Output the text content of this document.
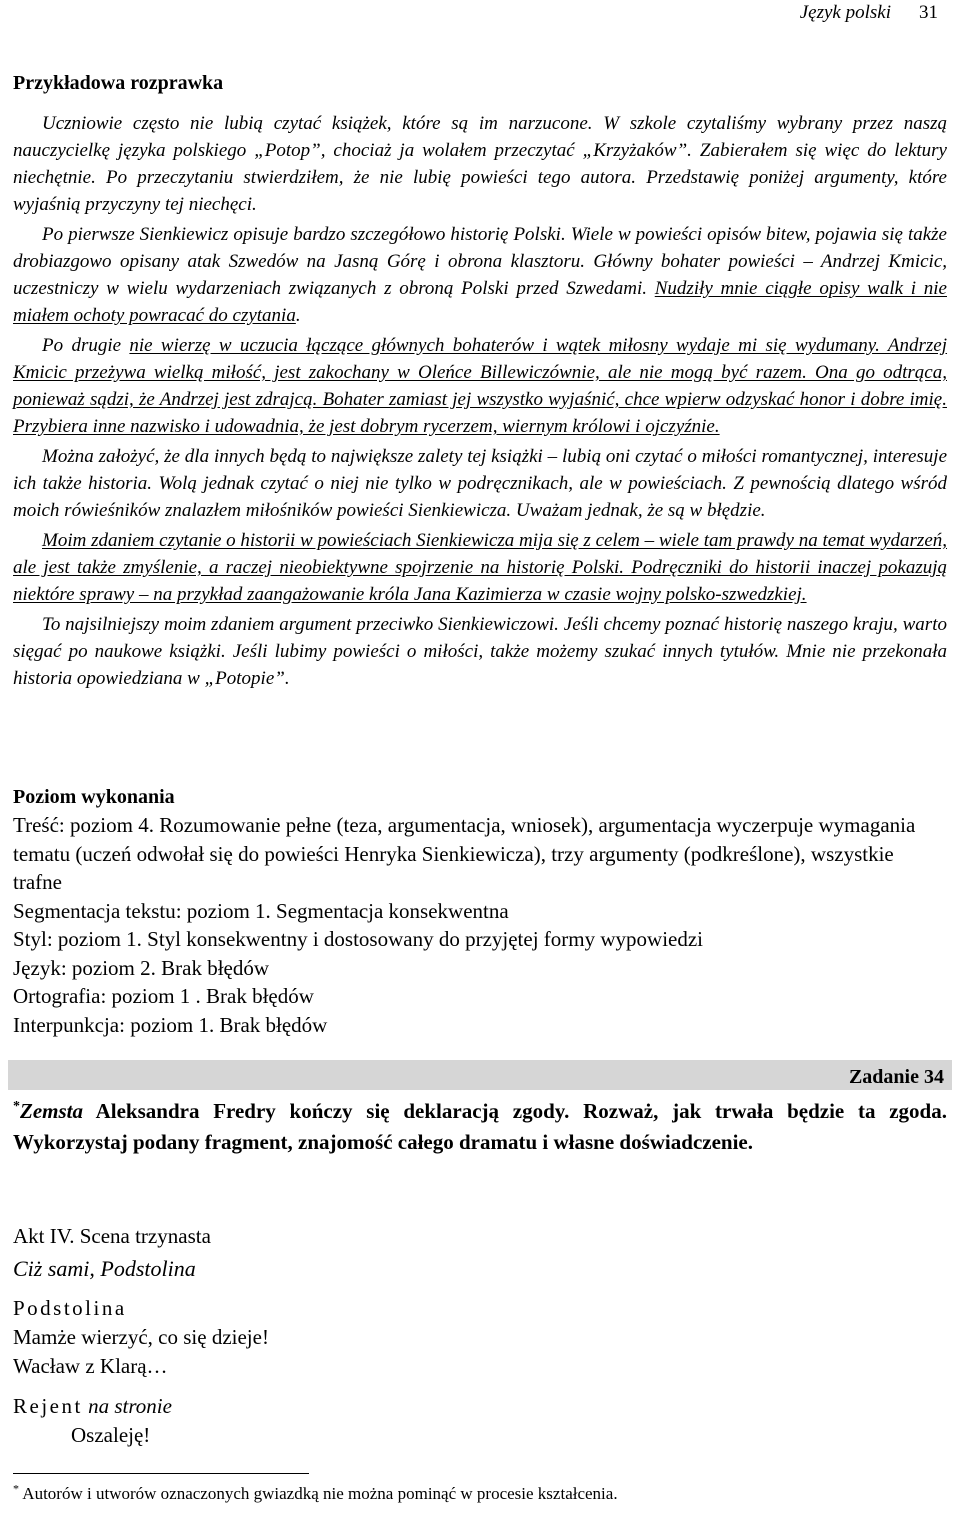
Język polski 31
Przykładowa rozprawka

Uczniowie często nie lubią czytać książek, które są im narzucone. W szkole czytaliśmy wybrany przez naszą nauczycielkę języka polskiego „Potop”, chociaż ja wolałem przeczytać „Krzyżaków”. Zabierałem się więc do lektury niechętnie. Po przeczytaniu stwierdziłem, że nie lubię powieści tego autora. Przedstawię poniżej argumenty, które wyjaśnią przyczyny tej niechęci.

Po pierwsze Sienkiewicz opisuje bardzo szczegółowo historię Polski. Wiele w powieści opisów bitew, pojawia się także drobiazgowo opisany atak Szwedów na Jasną Górę i obrona klasztoru. Główny bohater powieści – Andrzej Kmicic, uczestniczy w wielu wydarzeniach związanych z obroną Polski przed Szwedami. Nudziły mnie ciągłe opisy walk i nie miałem ochoty powracać do czytania.

Po drugie nie wierzę w uczucia łączące głównych bohaterów i wątek miłosny wydaje mi się wydumany. Andrzej Kmicic przeżywa wielką miłość, jest zakochany w Oleńce Billewiczównie, ale nie mogą być razem. Ona go odtrąca, ponieważ sądzi, że Andrzej jest zdrajcą. Bohater zamiast jej wszystko wyjaśnić, chce wpierw odzyskać honor i dobre imię. Przybiera inne nazwisko i udowadnia, że jest dobrym rycerzem, wiernym królowi i ojczyźnie.

Można założyć, że dla innych będą to największe zalety tej książki – lubią oni czytać o miłości romantycznej, interesuje ich także historia. Wolą jednak czytać o niej nie tylko w podręcznikach, ale w powieściach. Z pewnością dlatego wśród moich rówieśników znalazłem miłośników powieści Sienkiewicza. Uważam jednak, że są w błędzie.

Moim zdaniem czytanie o historii w powieściach Sienkiewicza mija się z celem – wiele tam prawdy na temat wydarzeń, ale jest także zmyślenie, a raczej nieobiektywne spojrzenie na historię Polski. Podręczniki do historii inaczej pokazują niektóre sprawy – na przykład zaangażowanie króla Jana Kazimierza w czasie wojny polsko-szwedzkiej.

To najsilniejszy moim zdaniem argument przeciwko Sienkiewiczowi. Jeśli chcemy poznać historię naszego kraju, warto sięgać po naukowe książki. Jeśli lubimy powieści o miłości, także możemy szukać innych tytułów. Mnie nie przekonała historia opowiedziana w „Potopie”.

Poziom wykonania
Treść: poziom 4. Rozumowanie pełne (teza, argumentacja, wniosek), argumentacja wyczerpuje wymagania tematu (uczeń odwołał się do powieści Henryka Sienkiewicza), trzy argumenty (podkreślone), wszystkie trafne
Segmentacja tekstu: poziom 1. Segmentacja konsekwentna
Styl: poziom 1. Styl konsekwentny i dostosowany do przyjętej formy wypowiedzi
Język: poziom 2. Brak błędów
Ortografia: poziom 1 . Brak błędów
Interpunkcja: poziom 1. Brak błędów
Zadanie 34
*Zemsta Aleksandra Fredry kończy się deklaracją zgody. Rozważ, jak trwała będzie ta zgoda. Wykorzystaj podany fragment, znajomość całego dramatu i własne doświadczenie.
Akt IV. Scena trzynasta
Ciż sami, Podstolina
Podstolina
Mamże wierzyć, co się dzieje!
Wacław z Klarą…
Rejent na stronie
Oszaleję!
* Autorów i utworów oznaczonych gwiazdką nie można pominąć w procesie kształcenia.
